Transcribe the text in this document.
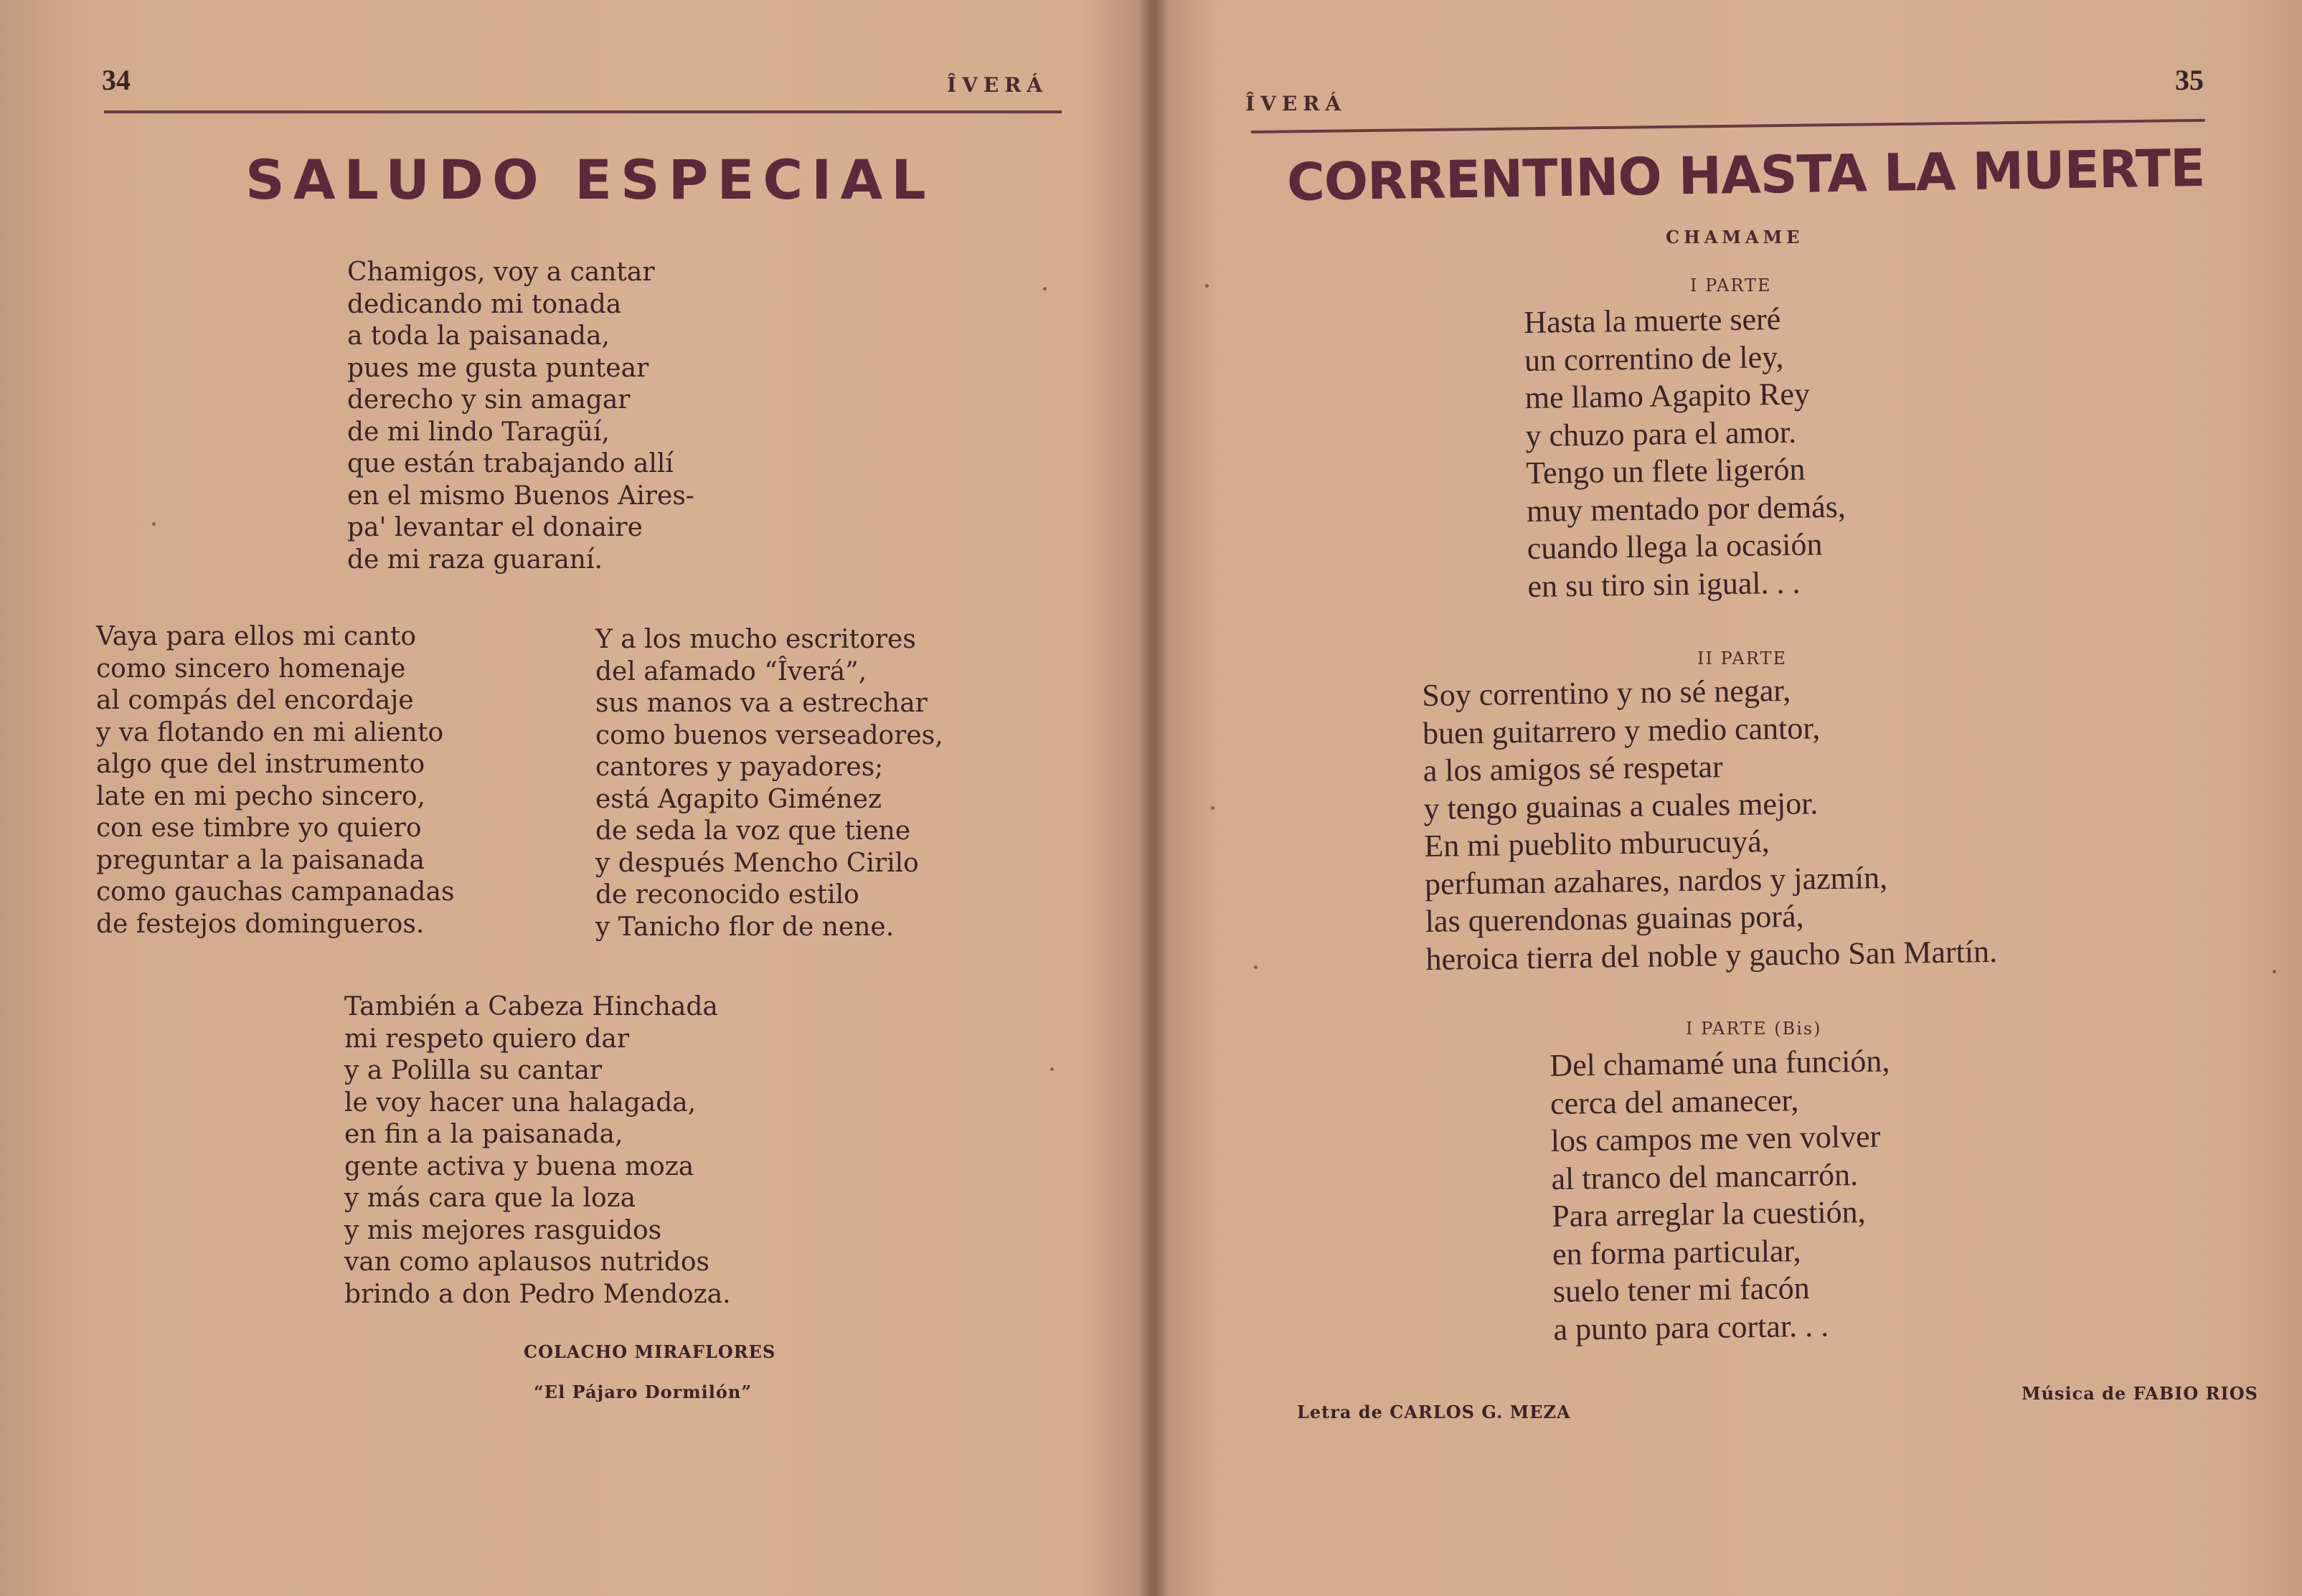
34	ÎVERÁ
SALUDO ESPECIAL
Chamigos, voy a cantar
dedicando mi tonada
a toda la paisanada,
pues me gusta puntear
derecho y sin amagar
de mi lindo Taragüí,
que están trabajando allí
en el mismo Buenos Aires-
pa' levantar el donaire
de mi raza guaraní.
Vaya para ellos mi canto
como sincero homenaje
al compás del encordaje
y va flotando en mi aliento
algo que del instrumento
late en mi pecho sincero,
con ese timbre yo quiero
preguntar a la paisanada
como gauchas campanadas
de festejos domingueros.
Y a los mucho escritores
del afamado “Îverá”,
sus manos va a estrechar
como buenos verseadores,
cantores y payadores;
está Agapito Giménez
de seda la voz que tiene
y después Mencho Cirilo
de reconocido estilo
y Tanicho flor de nene.
También a Cabeza Hinchada
mi respeto quiero dar
y a Polilla su cantar
le voy hacer una halagada,
en fin a la paisanada,
gente activa y buena moza
y más cara que la loza
y mis mejores rasguidos
van como aplausos nutridos
brindo a don Pedro Mendoza.
COLACHO MIRAFLORES
“El Pájaro Dormilón”
ÎVERÁ
35
CORRENTINO HASTA LA MUERTE
CHAMAME
I PARTE
Hasta la muerte seré
un correntino de ley,
me llamo Agapito Rey
y chuzo para el amor.
Tengo un flete ligerón
muy mentado por demás,
cuando llega la ocasión
en su tiro sin igual. . .
II PARTE
Soy correntino y no sé negar,
buen guitarrero y medio cantor,
a los amigos sé respetar
y tengo guainas a cuales mejor.
En mi pueblito mburucuyá,
perfuman azahares, nardos y jazmín,
las querendonas guainas porá,
heroica tierra del noble y gaucho San Martín.
I PARTE (Bis)
Del chamamé una función,
cerca del amanecer,
los campos me ven volver
al tranco del mancarrón.
Para arreglar la cuestión,
en forma particular,
suelo tener mi facón
a punto para cortar. . .
Letra de CARLOS G. MEZA
Música de FABIO RIOS
